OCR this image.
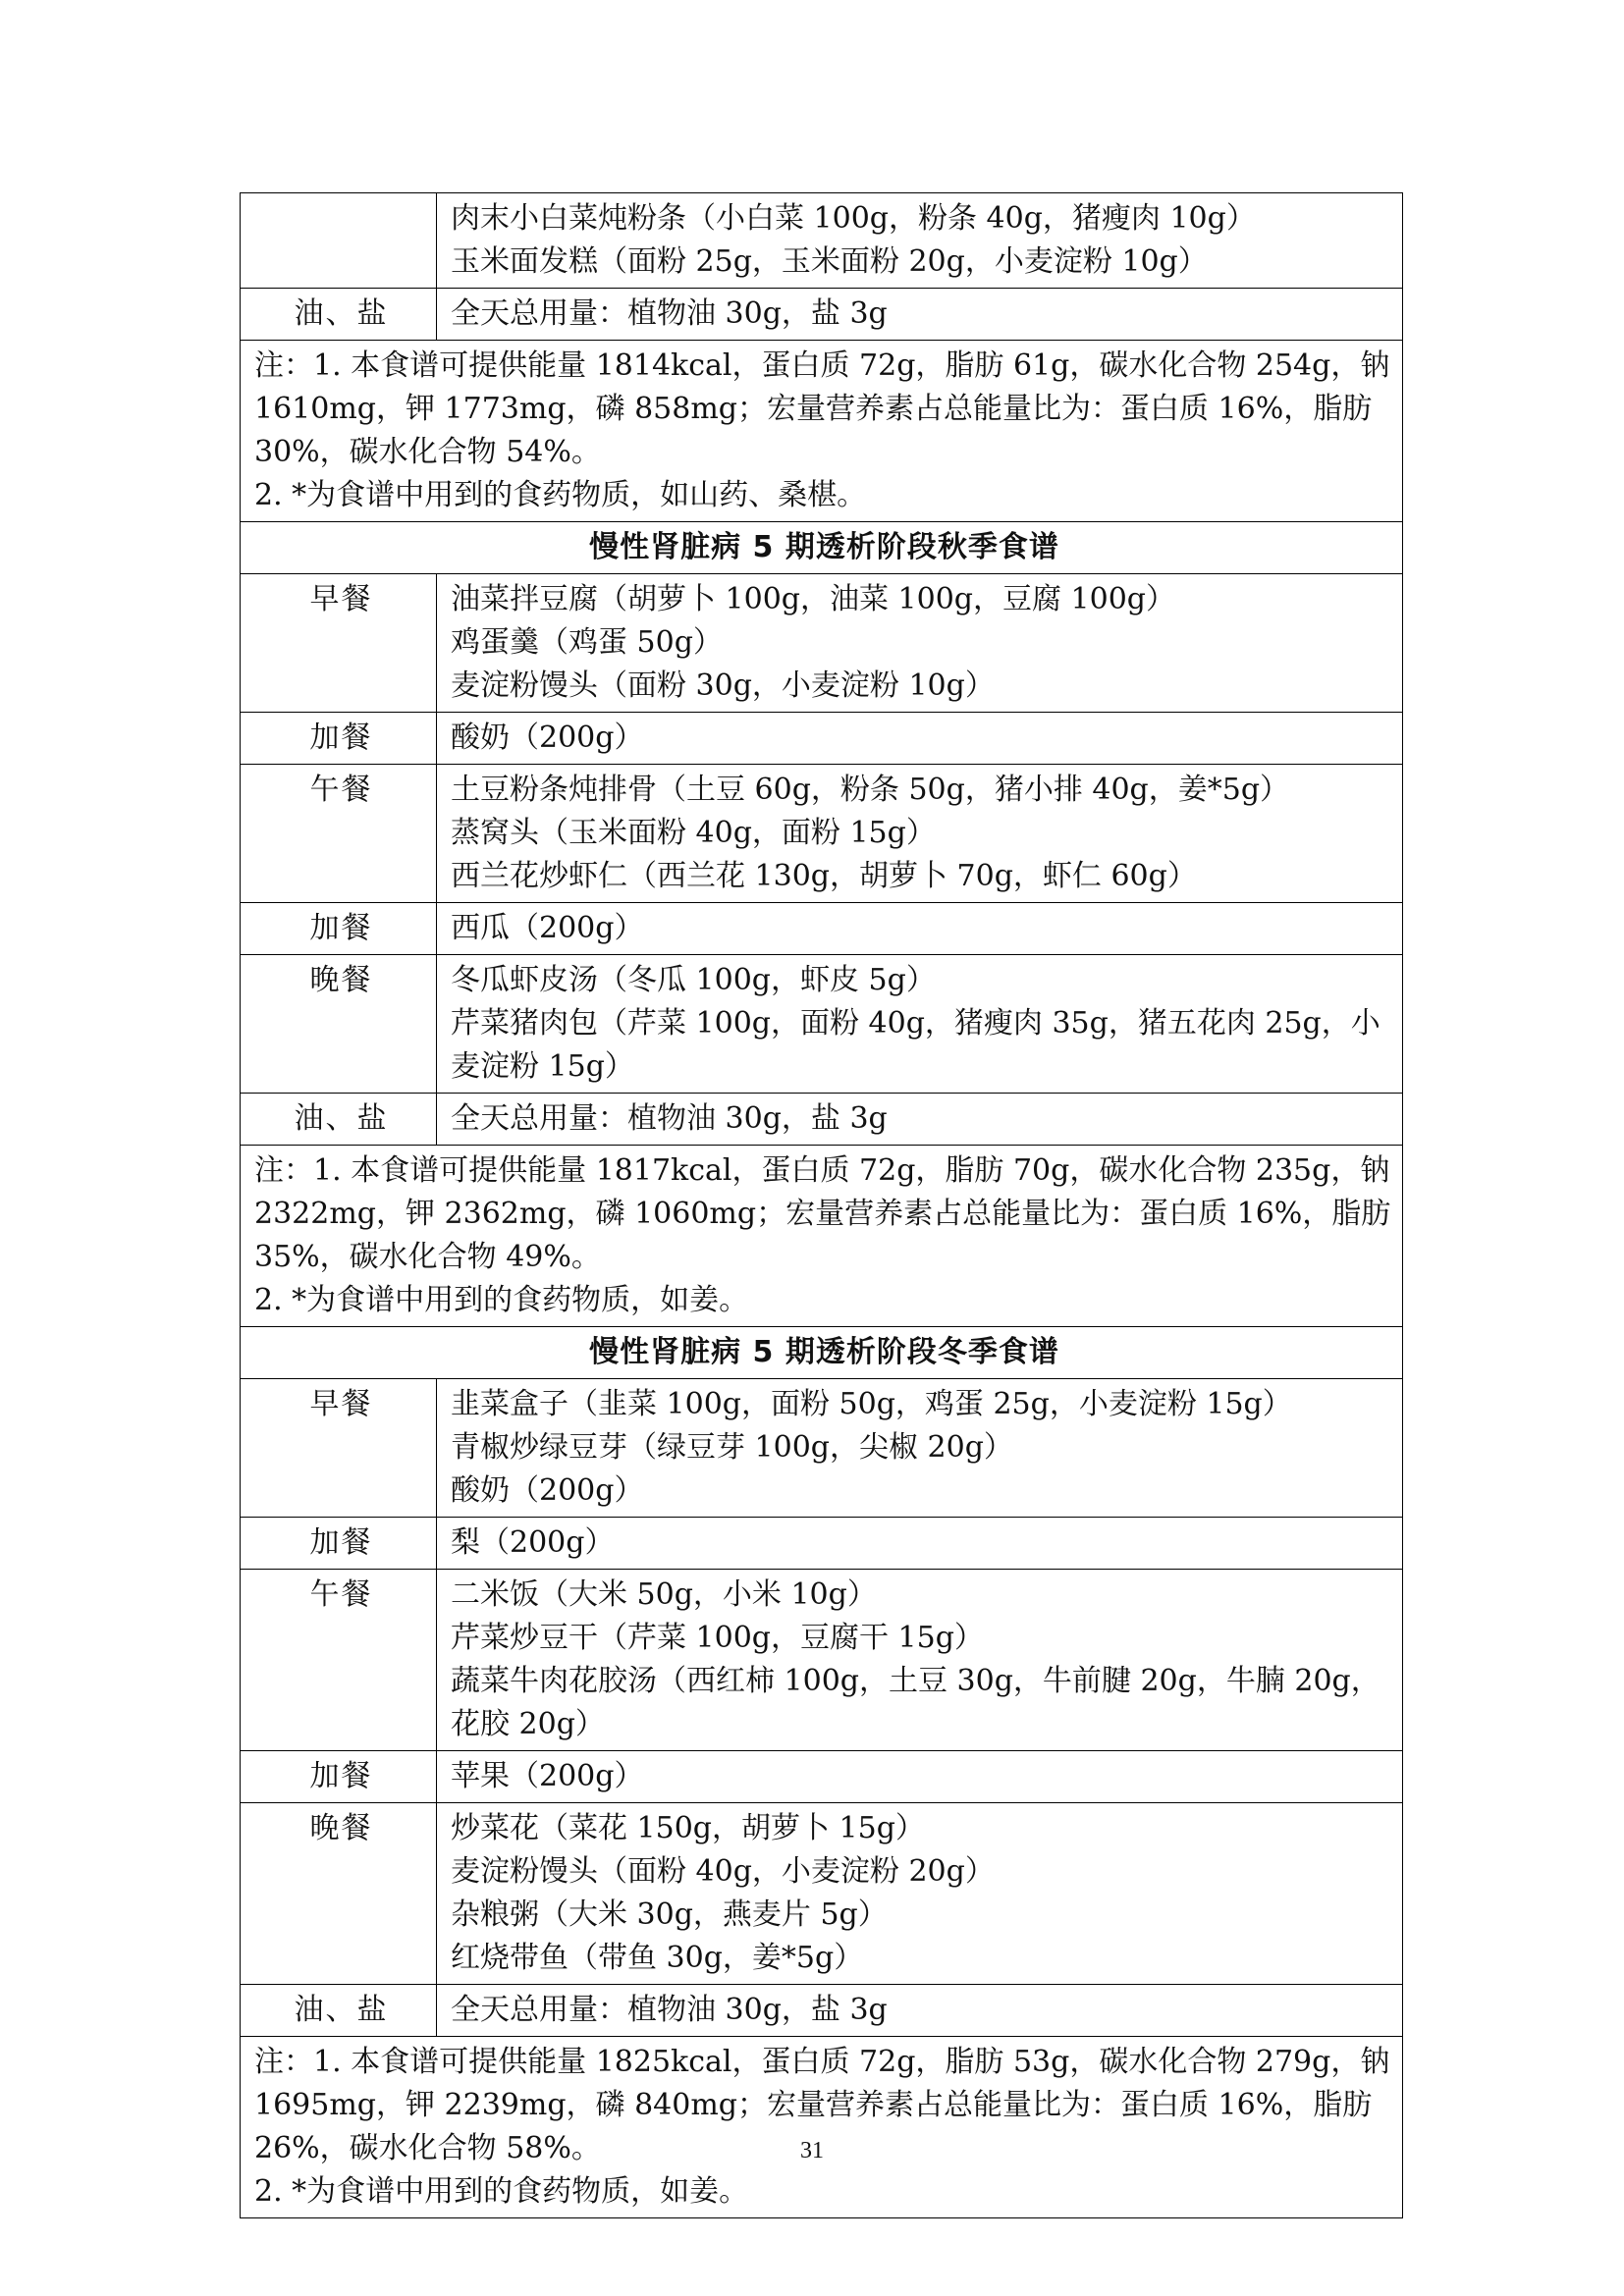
	肉末小白菜炖粉条（小白菜 100g，粉条 40g，猪瘦肉 10g）
玉米面发糕（面粉 25g，玉米面粉 20g，小麦淀粉 10g）

油、盐	全天总用量：植物油 30g，盐 3g

注：1. 本食谱可提供能量 1814kcal，蛋白质 72g，脂肪 61g，碳水化合物 254g，钠 1610mg，钾 1773mg，磷 858mg；宏量营养素占总能量比为：蛋白质 16%，脂肪 30%，碳水化合物 54%。
2. *为食谱中用到的食药物质，如山药、桑椹。	

慢性肾脏病 5 期透析阶段秋季食谱	
早餐	油菜拌豆腐（胡萝卜 100g，油菜 100g，豆腐 100g）
鸡蛋羹（鸡蛋 50g）
麦淀粉馒头（面粉 30g，小麦淀粉 10g）

加餐	酸奶（200g）
午餐	土豆粉条炖排骨（土豆 60g，粉条 50g，猪小排 40g，姜*5g）
蒸窝头（玉米面粉 40g，面粉 15g）
西兰花炒虾仁（西兰花 130g，胡萝卜 70g，虾仁 60g）

加餐	西瓜（200g）
晚餐	冬瓜虾皮汤（冬瓜 100g，虾皮 5g）
芹菜猪肉包（芹菜 100g，面粉 40g，猪瘦肉 35g，猪五花肉 25g，小麦淀粉 15g）

油、盐	全天总用量：植物油 30g，盐 3g

注：1. 本食谱可提供能量 1817kcal，蛋白质 72g，脂肪 70g，碳水化合物 235g，钠 2322mg，钾 2362mg，磷 1060mg；宏量营养素占总能量比为：蛋白质 16%，脂肪 35%，碳水化合物 49%。
2. *为食谱中用到的食药物质，如姜。	

慢性肾脏病 5 期透析阶段冬季食谱	
早餐	韭菜盒子（韭菜 100g，面粉 50g，鸡蛋 25g，小麦淀粉 15g）
青椒炒绿豆芽（绿豆芽 100g，尖椒 20g）
酸奶（200g）

加餐	梨（200g）
午餐	二米饭（大米 50g，小米 10g）
芹菜炒豆干（芹菜 100g，豆腐干 15g）
蔬菜牛肉花胶汤（西红柿 100g，土豆 30g，牛前腱 20g，牛腩 20g，花胶 20g）

加餐	苹果（200g）
晚餐	炒菜花（菜花 150g，胡萝卜 15g）
麦淀粉馒头（面粉 40g，小麦淀粉 20g）
杂粮粥（大米 30g，燕麦片 5g）
红烧带鱼（带鱼 30g，姜*5g）

油、盐	全天总用量：植物油 30g，盐 3g

注：1. 本食谱可提供能量 1825kcal，蛋白质 72g，脂肪 53g，碳水化合物 279g，钠 1695mg，钾 2239mg，磷 840mg；宏量营养素占总能量比为：蛋白质 16%，脂肪 26%，碳水化合物 58%。
2. *为食谱中用到的食药物质，如姜。	
31
